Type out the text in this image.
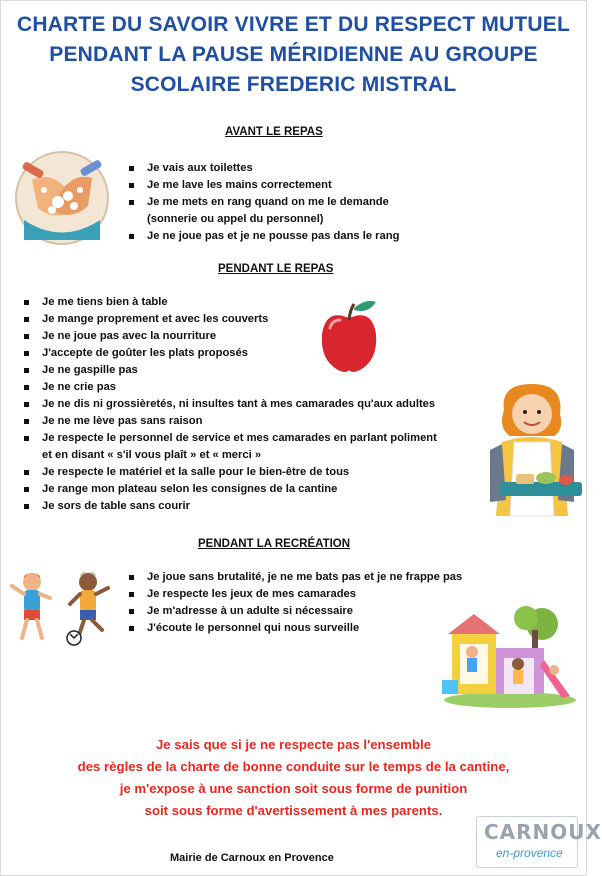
CHARTE DU SAVOIR VIVRE ET DU RESPECT MUTUEL
PENDANT LA PAUSE MÉRIDIENNE AU GROUPE
SCOLAIRE FREDERIC MISTRAL
AVANT LE REPAS
Je vais aux toilettes
Je me lave les mains correctement
Je me mets en rang quand on me le demande
(sonnerie ou appel du personnel)
Je ne joue pas et je ne pousse pas dans le rang
PENDANT LE REPAS
Je me tiens bien à table
Je mange proprement et avec les couverts
Je ne joue pas avec la nourriture
J'accepte de goûter les plats proposés
Je ne gaspille pas
Je ne crie pas
Je ne dis ni grossièretés, ni insultes tant à mes camarades qu'aux adultes
Je ne me lève pas sans raison
Je respecte le personnel de service et mes camarades en parlant poliment
et en disant « s'il vous plaît » et « merci »
Je respecte le matériel et la salle pour le bien-être de tous
Je range mon plateau selon les consignes de la cantine
Je sors de table sans courir
PENDANT LA RECRÉATION
Je joue sans brutalité, je ne me bats pas et je ne frappe pas
Je respecte les jeux de mes camarades
Je m'adresse à un adulte si nécessaire
J'écoute le personnel qui nous surveille
Je sais que si je ne respecte pas l'ensemble
des règles de la charte de bonne conduite sur le temps de la cantine,
je m'expose à une sanction soit sous forme de punition
soit sous forme d'avertissement à mes parents.
Mairie de Carnoux en Provence
CARNOUX
en-provence
